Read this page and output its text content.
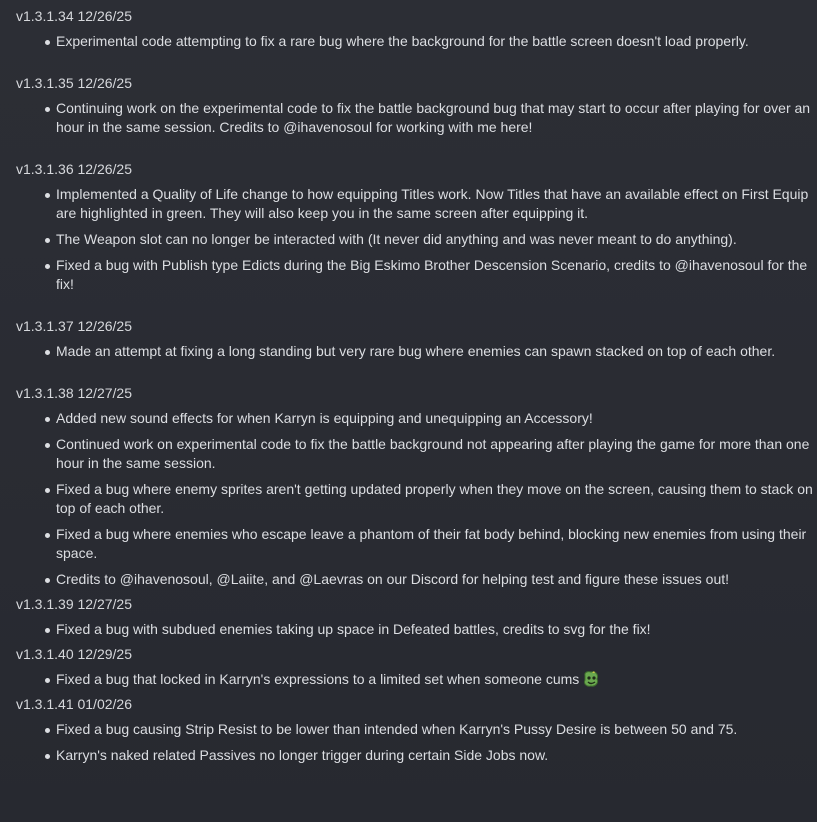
v1.3.1.34 12/26/25
Experimental code attempting to fix a rare bug where the background for the battle screen doesn't load properly.
v1.3.1.35 12/26/25
Continuing work on the experimental code to fix the battle background bug that may start to occur after playing for over an hour in the same session. Credits to @ihavenosoul for working with me here!
v1.3.1.36 12/26/25
Implemented a Quality of Life change to how equipping Titles work. Now Titles that have an available effect on First Equip are highlighted in green. They will also keep you in the same screen after equipping it.
The Weapon slot can no longer be interacted with (It never did anything and was never meant to do anything).
Fixed a bug with Publish type Edicts during the Big Eskimo Brother Descension Scenario, credits to @ihavenosoul for the fix!
v1.3.1.37 12/26/25
Made an attempt at fixing a long standing but very rare bug where enemies can spawn stacked on top of each other.
v1.3.1.38 12/27/25
Added new sound effects for when Karryn is equipping and unequipping an Accessory!
Continued work on experimental code to fix the battle background not appearing after playing the game for more than one hour in the same session.
Fixed a bug where enemy sprites aren't getting updated properly when they move on the screen, causing them to stack on top of each other.
Fixed a bug where enemies who escape leave a phantom of their fat body behind, blocking new enemies from using their space.
Credits to @ihavenosoul, @Laiite, and @Laevras on our Discord for helping test and figure these issues out!
v1.3.1.39 12/27/25
Fixed a bug with subdued enemies taking up space in Defeated battles, credits to svg for the fix!
v1.3.1.40 12/29/25
Fixed a bug that locked in Karryn's expressions to a limited set when someone cums
v1.3.1.41 01/02/26
Fixed a bug causing Strip Resist to be lower than intended when Karryn's Pussy Desire is between 50 and 75.
Karryn's naked related Passives no longer trigger during certain Side Jobs now.
